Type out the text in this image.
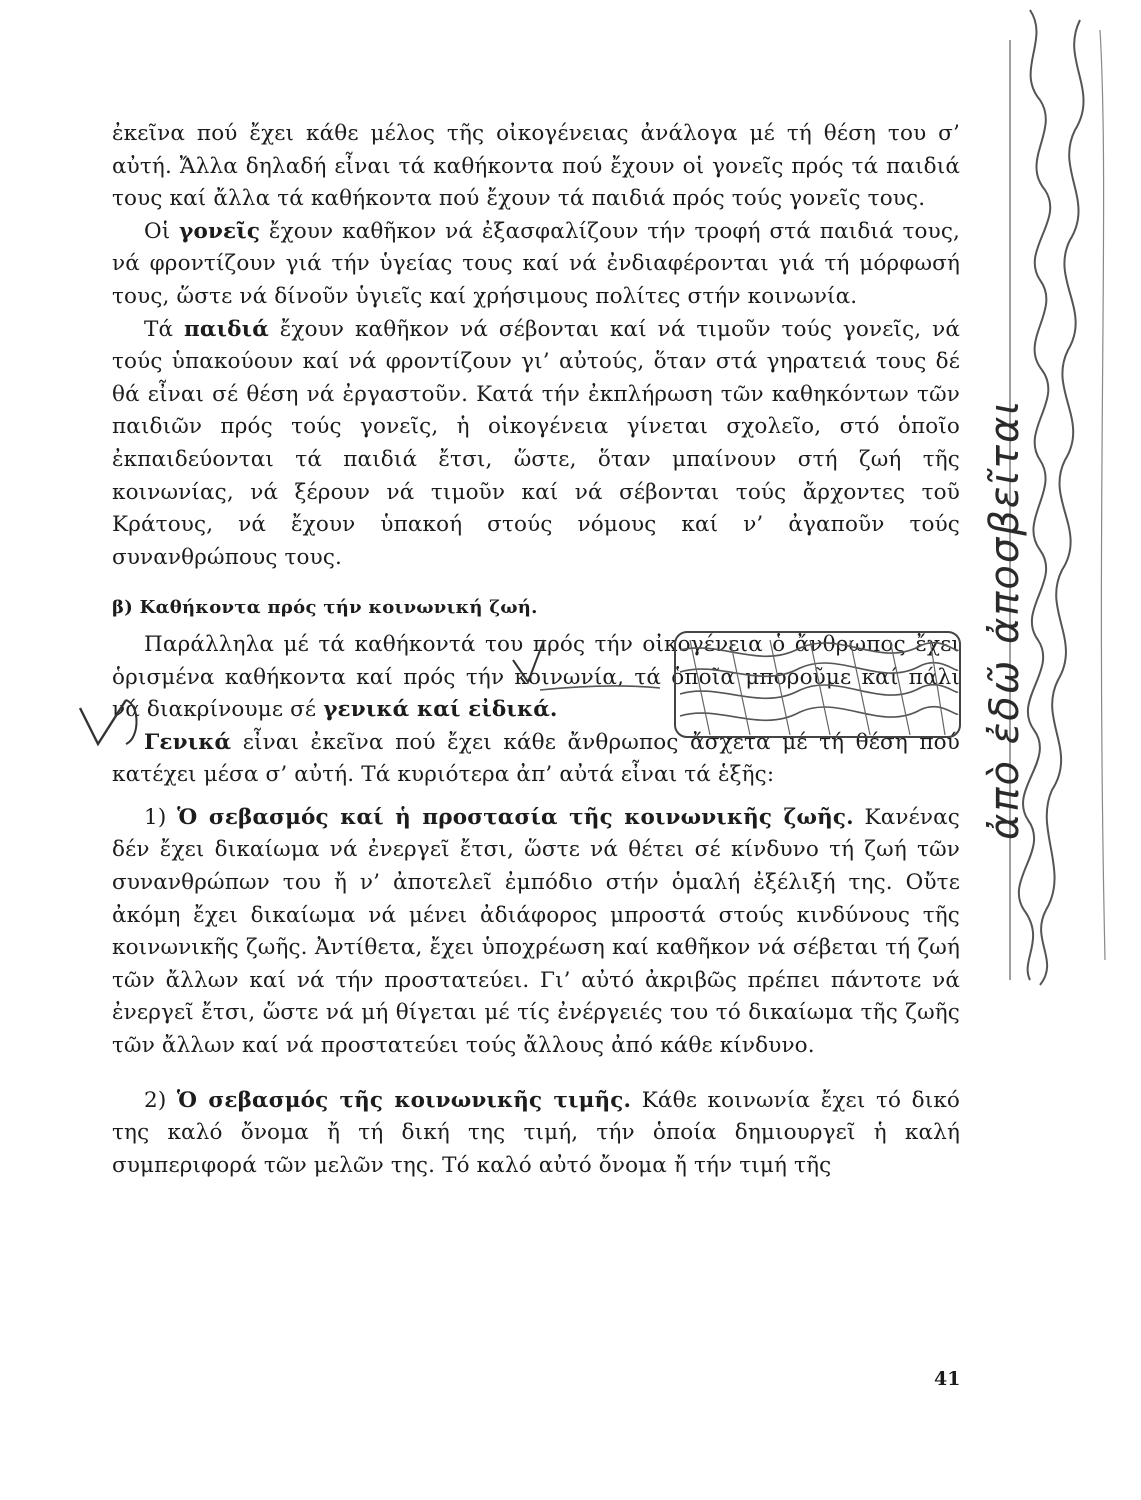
ἐκεῖνα πού ἔχει κάθε μέλος τῆς οἰκογένειας ἀνάλογα μέ τή θέση του σ’ αὐτή. Ἄλλα δηλαδή εἶναι τά καθήκοντα πού ἔχουν οἱ γονεῖς πρός τά παιδιά τους καί ἄλλα τά καθήκοντα πού ἔχουν τά παιδιά πρός τούς γονεῖς τους.

Οἱ γονεῖς ἔχουν καθῆκον νά ἐξασφαλίζουν τήν τροφή στά παιδιά τους, νά φροντίζουν γιά τήν ὑγείας τους καί νά ἐνδιαφέρονται γιά τή μόρφωσή τους, ὥστε νά δίνοῦν ὑγιεῖς καί χρήσιμους πολίτες στήν κοινωνία.

Τά παιδιά ἔχουν καθῆκον νά σέβονται καί νά τιμοῦν τούς γονεῖς, νά τούς ὑπακούουν καί νά φροντίζουν γι’ αὐτούς, ὅταν στά γηρατειά τους δέ θά εἶναι σέ θέση νά ἐργαστοῦν. Κατά τήν ἐκπλήρωση τῶν καθηκόντων τῶν παιδιῶν πρός τούς γονεῖς, ἡ οἰκογένεια γίνεται σχολεῖο, στό ὁποῖο ἐκπαιδεύονται τά παιδιά ἔτσι, ὥστε, ὅταν μπαίνουν στή ζωή τῆς κοινωνίας, νά ξέρουν νά τιμοῦν καί νά σέβονται τούς ἄρχοντες τοῦ Κράτους, νά ἔχουν ὑπακοή στούς νόμους καί ν’ ἀγαποῦν τούς συνανθρώπους τους.

β) Καθήκοντα πρός τήν κοινωνική ζωή.

Παράλληλα μέ τά καθήκοντά του πρός τήν οἰκογένεια ὁ ἄνθρωπος ἔχει ὁρισμένα καθήκοντα καί πρός τήν κοινωνία, τά ὁποῖα μποροῦμε καί πάλι νά διακρίνουμε σέ γενικά καί εἰδικά.

Γενικά εἶναι ἐκεῖνα πού ἔχει κάθε ἄνθρωπος ἄσχετα μέ τή θέση πού κατέχει μέσα σ’ αὐτή. Τά κυριότερα ἀπ’ αὐτά εἶναι τά ἑξῆς:

1) Ὁ σεβασμός καί ἡ προστασία τῆς κοινωνικῆς ζωῆς. Κανένας δέν ἔχει δικαίωμα νά ἐνεργεῖ ἔτσι, ὥστε νά θέτει σέ κίνδυνο τή ζωή τῶν συνανθρώπων του ἤ ν’ ἀποτελεῖ ἐμπόδιο στήν ὁμαλή ἐξέλιξή της. Οὔτε ἀκόμη ἔχει δικαίωμα νά μένει ἀδιάφορος μπροστά στούς κινδύνους τῆς κοινωνικῆς ζωῆς. Ἀντίθετα, ἔχει ὑποχρέωση καί καθῆκον νά σέβεται τή ζωή τῶν ἄλλων καί νά τήν προστατεύει. Γι’ αὐτό ἀκριβῶς πρέπει πάντοτε νά ἐνεργεῖ ἔτσι, ὥστε νά μή θίγεται μέ τίς ἐνέργειές του τό δικαίωμα τῆς ζωῆς τῶν ἄλλων καί νά προστατεύει τούς ἄλλους ἀπό κάθε κίνδυνο.

2) Ὁ σεβασμός τῆς κοινωνικῆς τιμῆς. Κάθε κοινωνία ἔχει τό δικό της καλό ὄνομα ἤ τή δική της τιμή, τήν ὁποία δημιουργεῖ ἡ καλή συμπεριφορά τῶν μελῶν της. Τό καλό αὐτό ὄνομα ἤ τήν τιμή τῆς

41
ἀπὸ ἐδῶ ἀποσβεῖται
